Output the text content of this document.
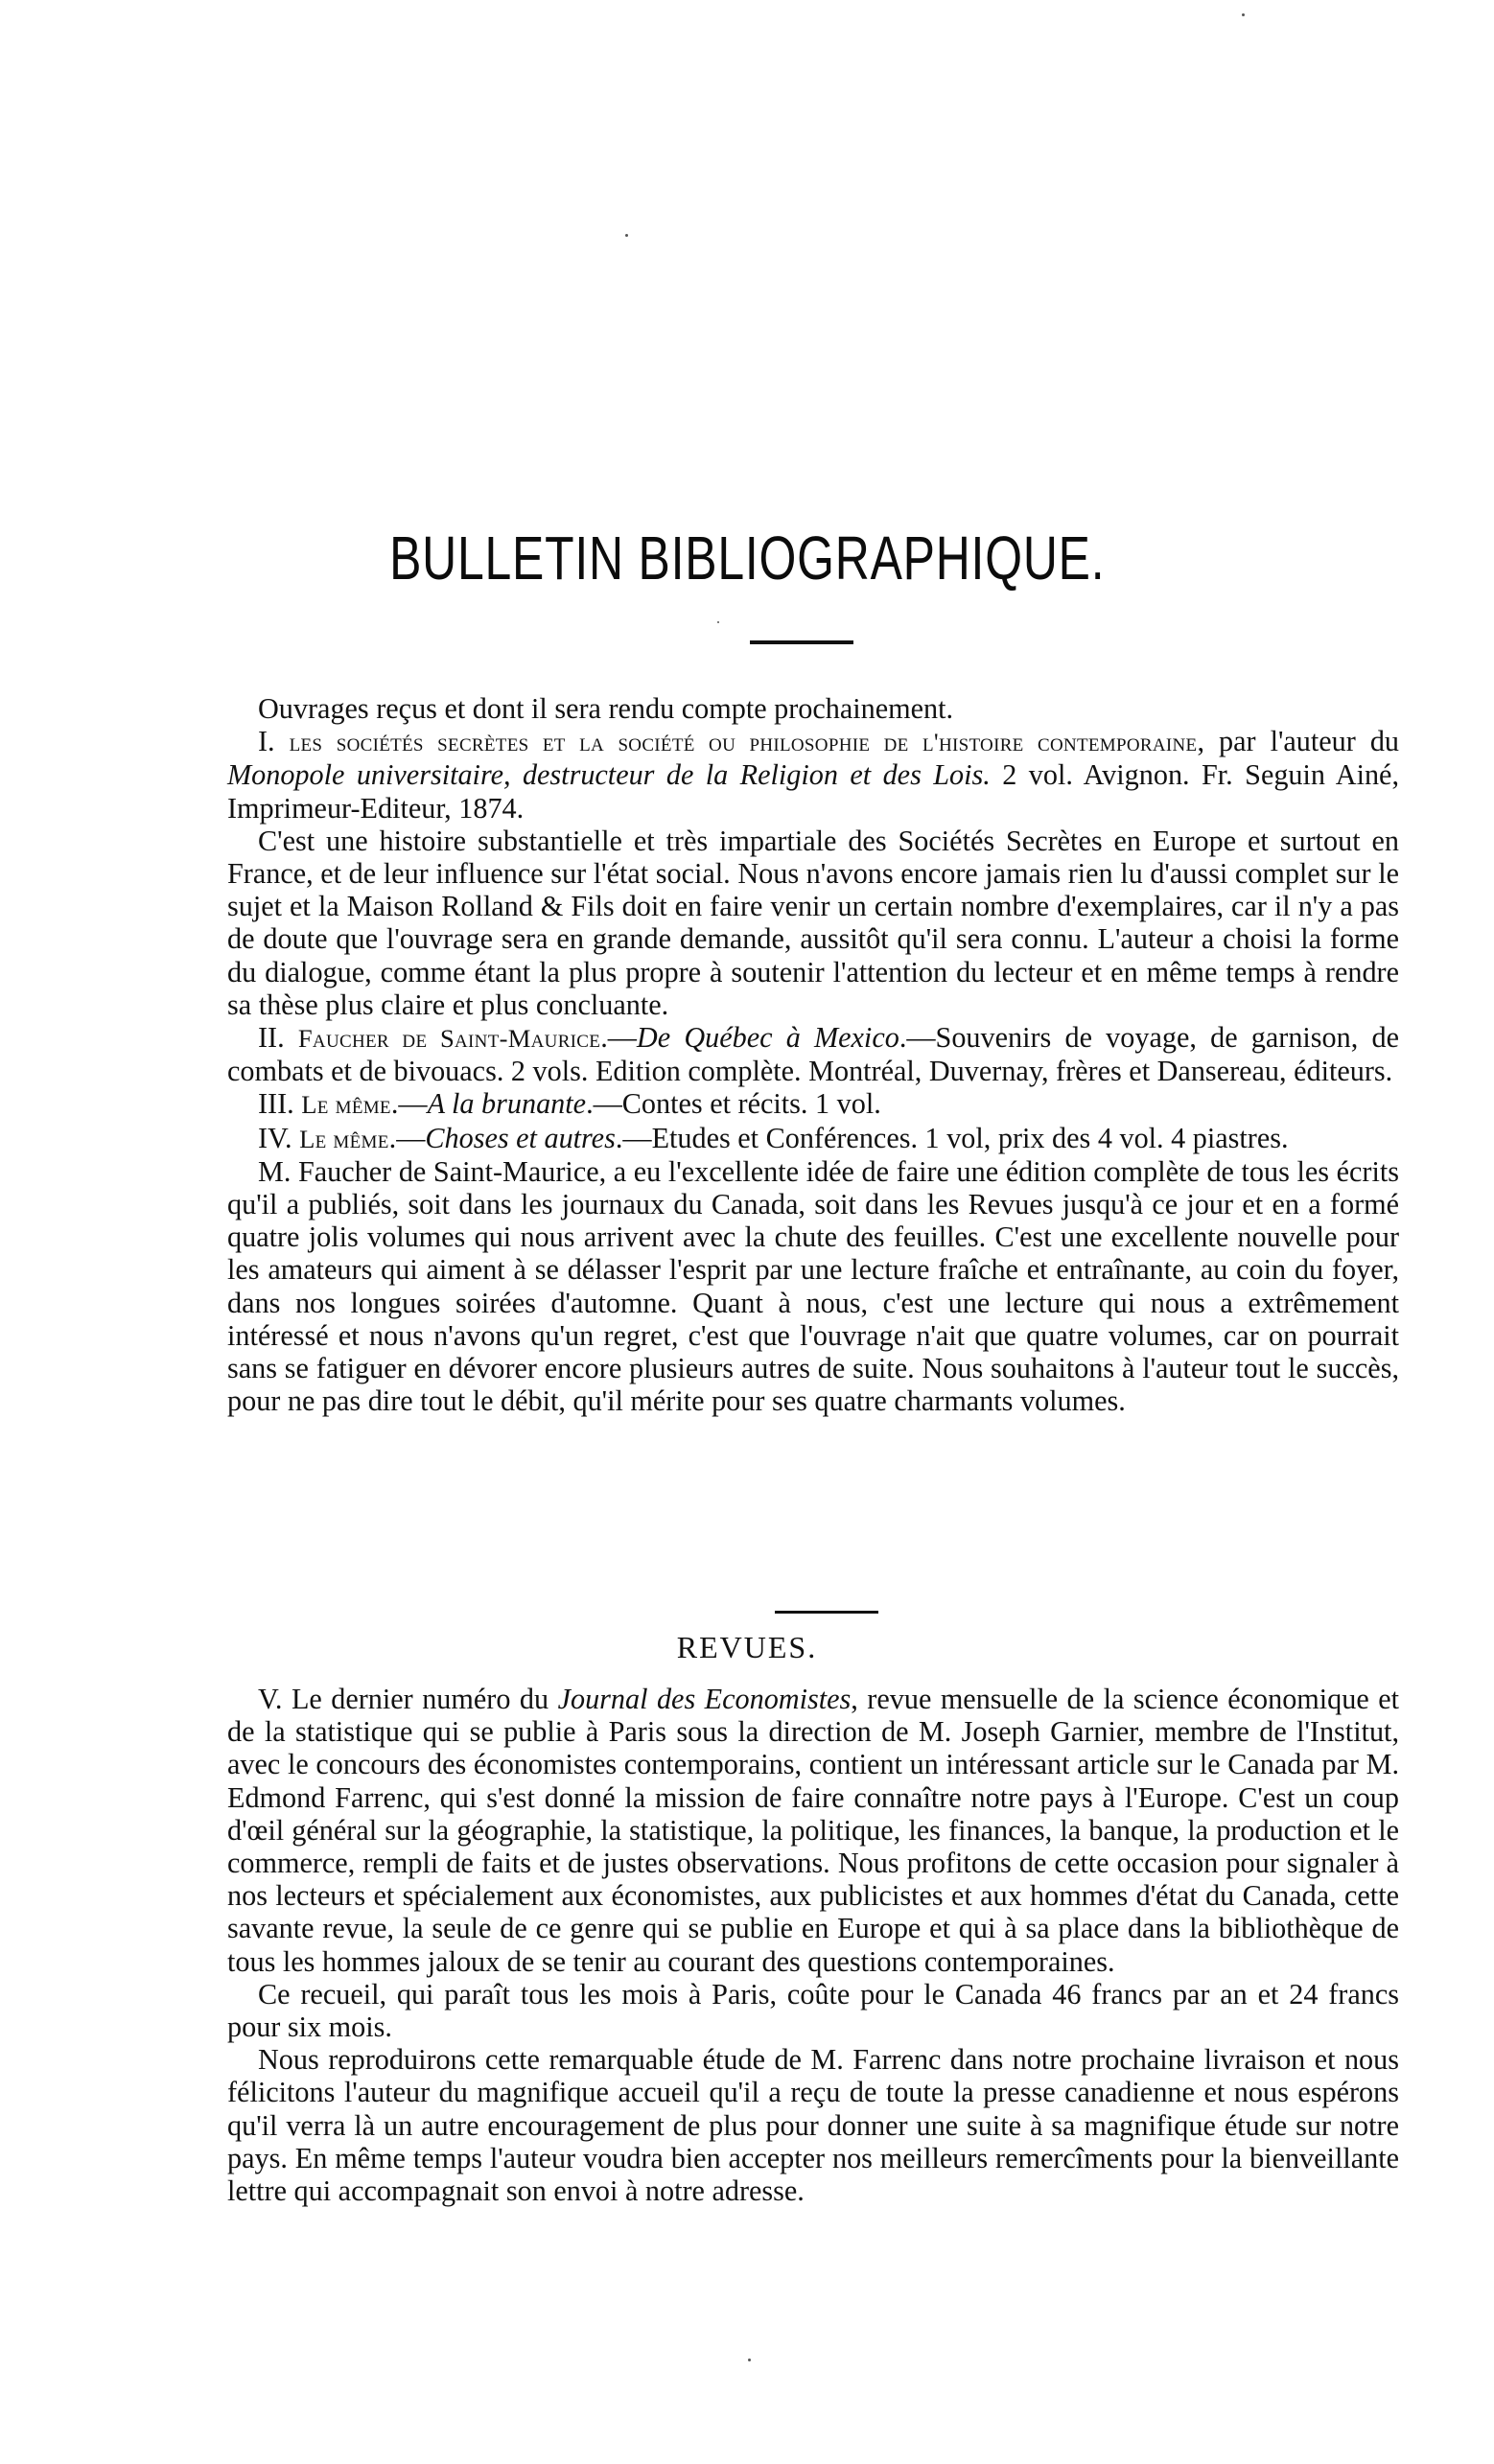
BULLETIN BIBLIOGRAPHIQUE.

Ouvrages reçus et dont il sera rendu compte prochainement.

I. les sociétés secrètes et la société ou philosophie de l'histoire contemporaine, par l'auteur du Monopole universitaire, destructeur de la Religion et des Lois. 2 vol. Avignon. Fr. Seguin Ainé, Imprimeur-Editeur, 1874.

C'est une histoire substantielle et très impartiale des Sociétés Secrètes en Europe et surtout en France, et de leur influence sur l'état social. Nous n'avons encore jamais rien lu d'aussi complet sur le sujet et la Maison Rolland & Fils doit en faire venir un certain nombre d'exemplaires, car il n'y a pas de doute que l'ouvrage sera en grande demande, aussitôt qu'il sera connu. L'auteur a choisi la forme du dialogue, comme étant la plus propre à soutenir l'attention du lecteur et en même temps à rendre sa thèse plus claire et plus concluante.

II. Faucher de Saint-Maurice.—De Québec à Mexico.—Souvenirs de voyage, de garnison, de combats et de bivouacs. 2 vols. Edition complète. Montréal, Duvernay, frères et Dansereau, éditeurs.

III. Le même.—A la brunante.—Contes et récits. 1 vol.

IV. Le même.—Choses et autres.—Etudes et Conférences. 1 vol, prix des 4 vol. 4 piastres.

M. Faucher de Saint-Maurice, a eu l'excellente idée de faire une édition complète de tous les écrits qu'il a publiés, soit dans les journaux du Canada, soit dans les Revues jusqu'à ce jour et en a formé quatre jolis volumes qui nous arrivent avec la chute des feuilles. C'est une excellente nouvelle pour les amateurs qui aiment à se délasser l'esprit par une lecture fraîche et entraînante, au coin du foyer, dans nos longues soirées d'automne. Quant à nous, c'est une lecture qui nous a extrêmement intéressé et nous n'avons qu'un regret, c'est que l'ouvrage n'ait que quatre volumes, car on pourrait sans se fatiguer en dévorer encore plusieurs autres de suite. Nous souhaitons à l'auteur tout le succès, pour ne pas dire tout le débit, qu'il mérite pour ses quatre charmants volumes.

REVUES.

V. Le dernier numéro du Journal des Economistes, revue mensuelle de la science économique et de la statistique qui se publie à Paris sous la direction de M. Joseph Garnier, membre de l'Institut, avec le concours des économistes contemporains, contient un intéressant article sur le Canada par M. Edmond Farrenc, qui s'est donné la mission de faire connaître notre pays à l'Europe. C'est un coup d'œil général sur la géographie, la statistique, la politique, les finances, la banque, la production et le commerce, rempli de faits et de justes observations. Nous profitons de cette occasion pour signaler à nos lecteurs et spécialement aux économistes, aux publicistes et aux hommes d'état du Canada, cette savante revue, la seule de ce genre qui se publie en Europe et qui à sa place dans la bibliothèque de tous les hommes jaloux de se tenir au courant des questions contemporaines.

Ce recueil, qui paraît tous les mois à Paris, coûte pour le Canada 46 francs par an et 24 francs pour six mois.

Nous reproduirons cette remarquable étude de M. Farrenc dans notre prochaine livraison et nous félicitons l'auteur du magnifique accueil qu'il a reçu de toute la presse canadienne et nous espérons qu'il verra là un autre encouragement de plus pour donner une suite à sa magnifique étude sur notre pays. En même temps l'auteur voudra bien accepter nos meilleurs remercîments pour la bienveillante lettre qui accompagnait son envoi à notre adresse.
